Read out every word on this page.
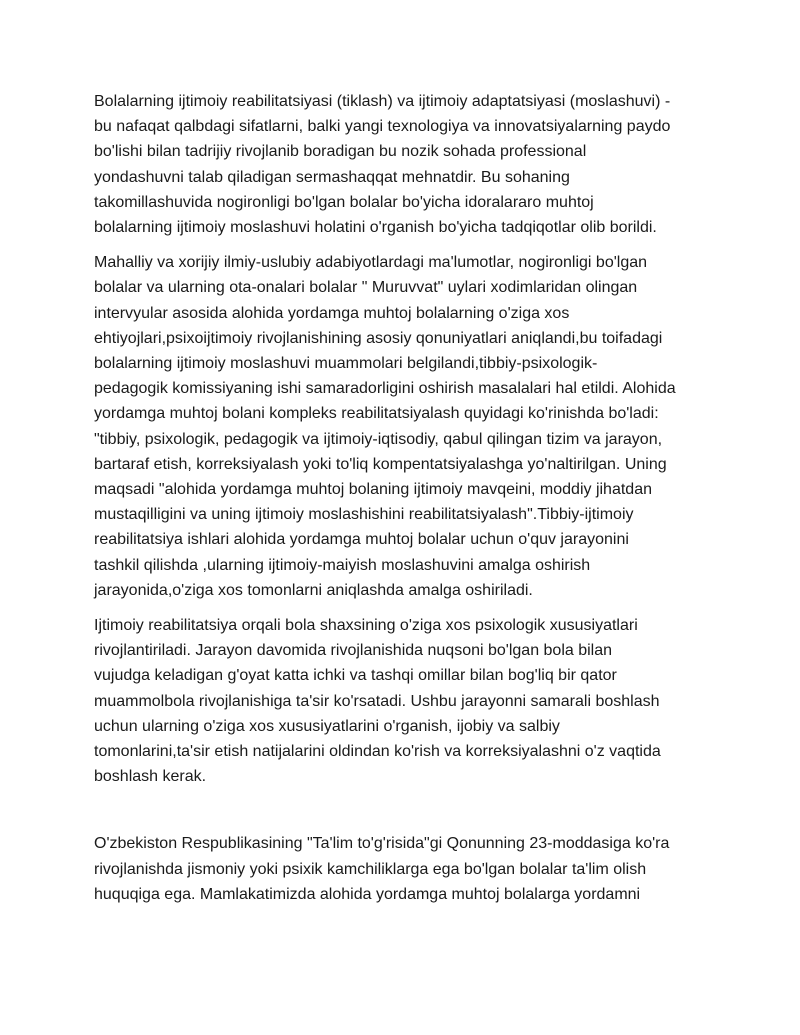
Bolalarning ijtimoiy reabilitatsiyasi (tiklash) va ijtimoiy adaptatsiyasi (moslashuvi) -
bu nafaqat qalbdagi sifatlarni, balki yangi texnologiya va innovatsiyalarning paydo
bo'lishi bilan tadrijiy rivojlanib boradigan bu nozik sohada professional
yondashuvni talab qiladigan sermashaqqat mehnatdir. Bu sohaning
takomillashuvida nogironligi bo'lgan bolalar bo'yicha idoralararo muhtoj
bolalarning ijtimoiy moslashuvi holatini o'rganish bo'yicha tadqiqotlar olib borildi.

Mahalliy va xorijiy ilmiy-uslubiy adabiyotlardagi ma'lumotlar, nogironligi bo'lgan
bolalar va ularning ota-onalari bolalar " Muruvvat" uylari xodimlaridan olingan
intervyular asosida alohida yordamga muhtoj bolalarning o'ziga xos
ehtiyojlari,psixoijtimoiy rivojlanishining asosiy qonuniyatlari aniqlandi,bu toifadagi
bolalarning ijtimoiy moslashuvi muammolari belgilandi,tibbiy-psixologik-
pedagogik komissiyaning ishi samaradorligini oshirish masalalari hal etildi. Alohida
yordamga muhtoj bolani kompleks reabilitatsiyalash quyidagi ko'rinishda bo'ladi:
"tibbiy, psixologik, pedagogik va ijtimoiy-iqtisodiy, qabul qilingan tizim va jarayon,
bartaraf etish, korreksiyalash yoki to'liq kompentatsiyalashga yo'naltirilgan. Uning
maqsadi "alohida yordamga muhtoj bolaning ijtimoiy mavqeini, moddiy jihatdan
mustaqilligini va uning ijtimoiy moslashishini reabilitatsiyalash".Tibbiy-ijtimoiy
reabilitatsiya ishlari alohida yordamga muhtoj bolalar uchun o'quv jarayonini
tashkil qilishda ,ularning ijtimoiy-maiyish moslashuvini amalga oshirish
jarayonida,o'ziga xos tomonlarni aniqlashda amalga oshiriladi.

Ijtimoiy reabilitatsiya orqali bola shaxsining o'ziga xos psixologik xususiyatlari
rivojlantiriladi. Jarayon davomida rivojlanishida nuqsoni bo'lgan bola bilan
vujudga keladigan g'oyat katta ichki va tashqi omillar bilan bog'liq bir qator
muammolbola rivojlanishiga ta'sir ko'rsatadi. Ushbu jarayonni samarali boshlash
uchun ularning o'ziga xos xususiyatlarini o'rganish, ijobiy va salbiy
tomonlarini,ta'sir etish natijalarini oldindan ko'rish va korreksiyalashni o'z vaqtida
boshlash kerak.

O'zbekiston Respublikasining "Ta'lim to'g'risida"gi Qonunning 23-moddasiga ko'ra
rivojlanishda jismoniy yoki psixik kamchiliklarga ega bo'lgan bolalar ta'lim olish
huquqiga ega. Mamlakatimizda alohida yordamga muhtoj bolalarga yordamni
